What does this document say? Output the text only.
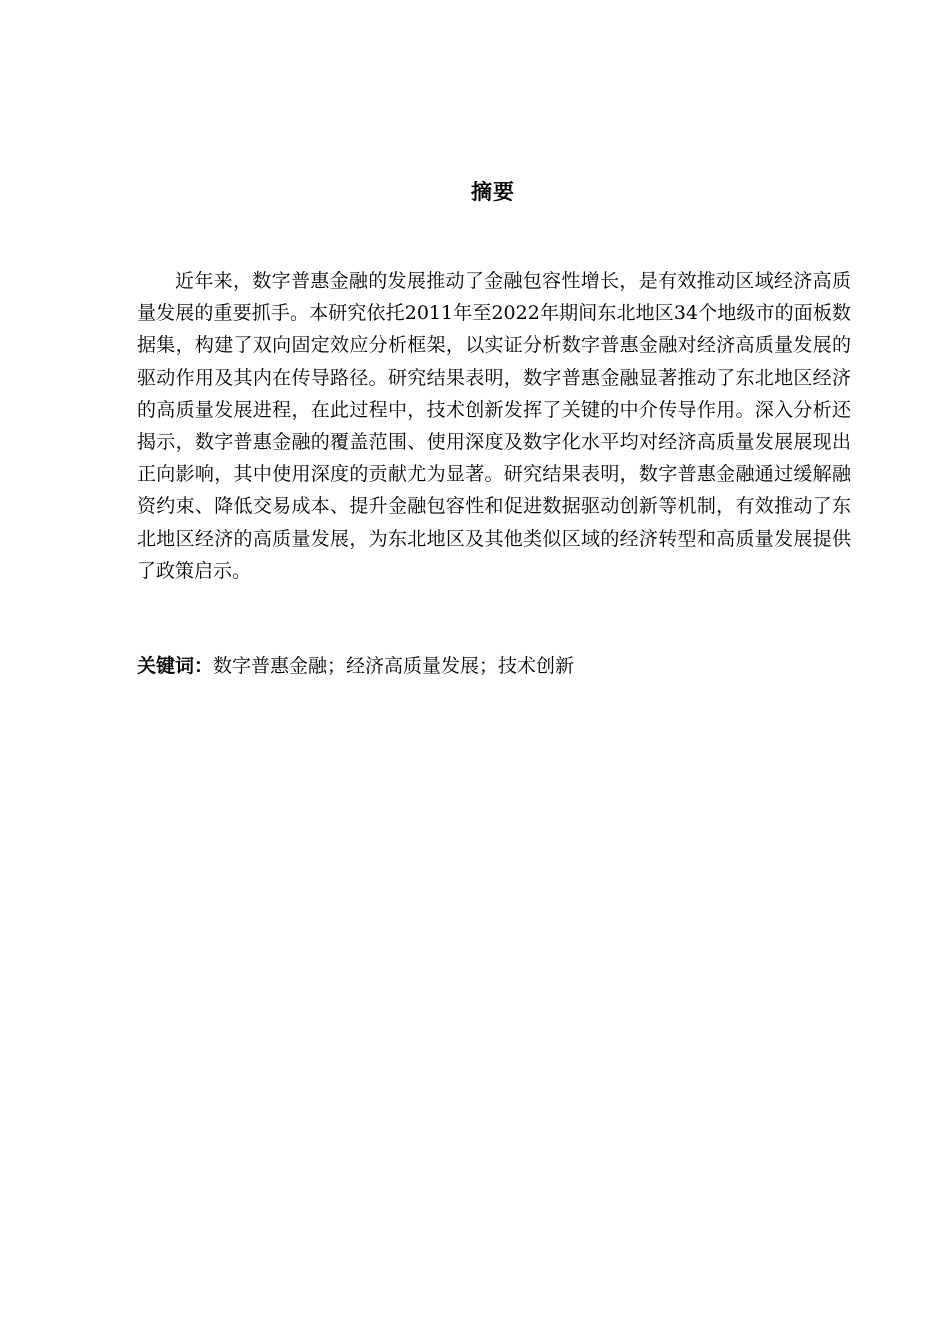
摘要

近年来，数字普惠金融的发展推动了金融包容性增长，是有效推动区域经济高质量发展的重要抓手。本研究依托2011年至2022年期间东北地区34个地级市的面板数据集，构建了双向固定效应分析框架，以实证分析数字普惠金融对经济高质量发展的驱动作用及其内在传导路径。研究结果表明，数字普惠金融显著推动了东北地区经济的高质量发展进程，在此过程中，技术创新发挥了关键的中介传导作用。深入分析还揭示，数字普惠金融的覆盖范围、使用深度及数字化水平均对经济高质量发展展现出正向影响，其中使用深度的贡献尤为显著。研究结果表明，数字普惠金融通过缓解融资约束、降低交易成本、提升金融包容性和促进数据驱动创新等机制，有效推动了东北地区经济的高质量发展，为东北地区及其他类似区域的经济转型和高质量发展提供了政策启示。

关键词：数字普惠金融；经济高质量发展；技术创新
